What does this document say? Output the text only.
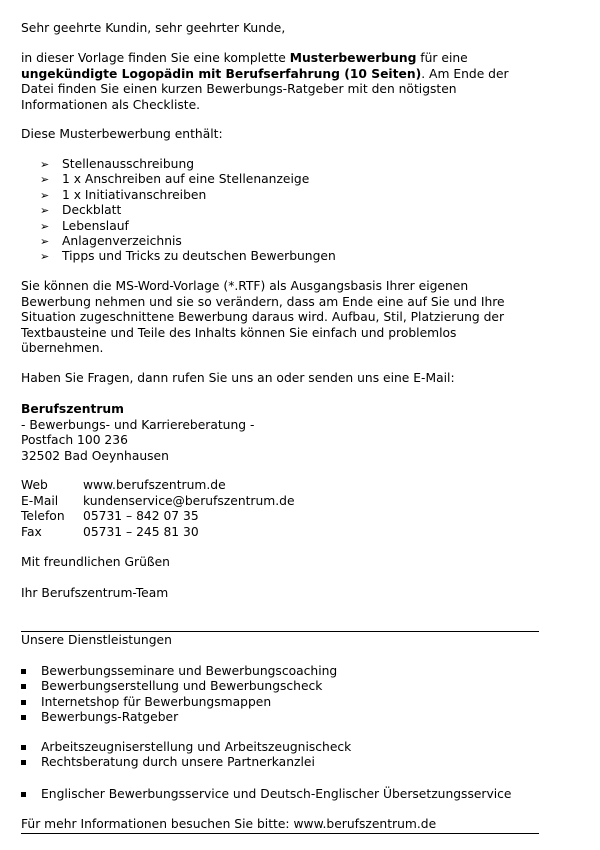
Sehr geehrte Kundin, sehr geehrter Kunde,

in dieser Vorlage finden Sie eine komplette Musterbewerbung für eine

ungekündigte Logopädin mit Berufserfahrung (10 Seiten). Am Ende der

Datei finden Sie einen kurzen Bewerbungs-Ratgeber mit den nötigsten

Informationen als Checkliste.

Diese Musterbewerbung enthält:

➢	Stellenausschreibung
➢	1 x Anschreiben auf eine Stellenanzeige
➢	1 x Initiativanschreiben
➢	Deckblatt
➢	Lebenslauf
➢	Anlagenverzeichnis
➢	Tipps und Tricks zu deutschen Bewerbungen

Sie können die MS-Word-Vorlage (*.RTF) als Ausgangsbasis Ihrer eigenen

Bewerbung nehmen und sie so verändern, dass am Ende eine auf Sie und Ihre

Situation zugeschnittene Bewerbung daraus wird. Aufbau, Stil, Platzierung der

Textbausteine und Teile des Inhalts können Sie einfach und problemlos

übernehmen.

Haben Sie Fragen, dann rufen Sie uns an oder senden uns eine E-Mail:

Berufszentrum

- Bewerbungs- und Karriereberatung -

Postfach 100 236

32502 Bad Oeynhausen

Web	www.berufszentrum.de
E-Mail	kundenservice@berufszentrum.de
Telefon	05731 – 842 07 35
Fax	05731 – 245 81 30

Mit freundlichen Grüßen

Ihr Berufszentrum-Team

Unsere Dienstleistungen

Bewerbungsseminare und Bewerbungscoaching
Bewerbungserstellung und Bewerbungscheck
Internetshop für Bewerbungsmappen
Bewerbungs-Ratgeber
Arbeitszeugniserstellung und Arbeitszeugnischeck
Rechtsberatung durch unsere Partnerkanzlei
Englischer Bewerbungsservice und Deutsch-Englischer Übersetzungsservice

Für mehr Informationen besuchen Sie bitte: www.berufszentrum.de
